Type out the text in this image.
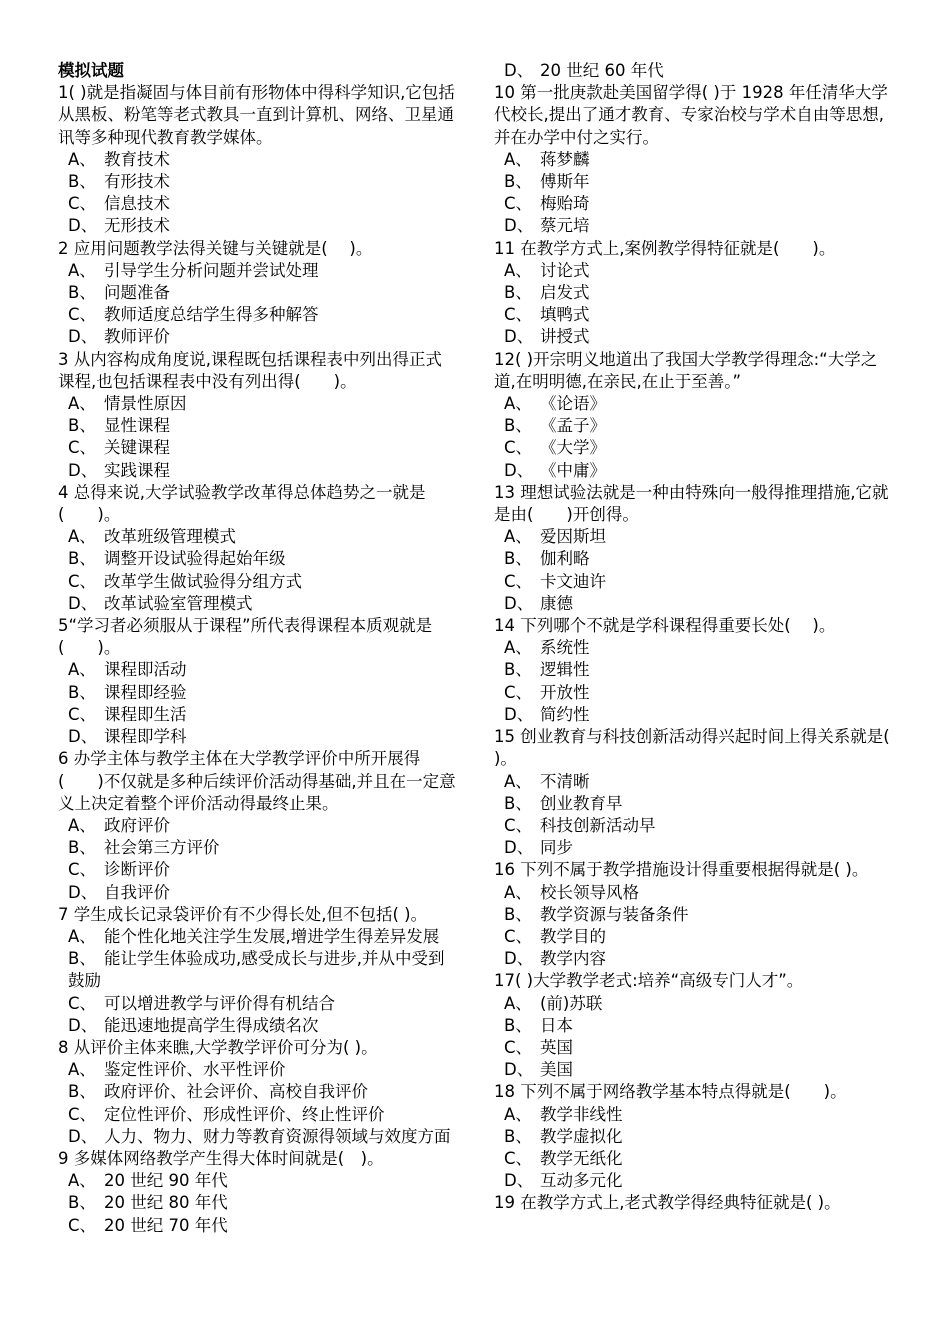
模拟试题
1( )就是指凝固与体目前有形物体中得科学知识,它包括从黑板、粉笔等老式教具一直到计算机、网络、卫星通讯等多种现代教育教学媒体。
A、 教育技术
B、 有形技术
C、 信息技术
D、 无形技术
2 应用问题教学法得关键与关键就是(　 )。
A、 引导学生分析问题并尝试处理
B、 问题准备
C、 教师适度总结学生得多种解答
D、 教师评价
3 从内容构成角度说,课程既包括课程表中列出得正式课程,也包括课程表中没有列出得(　　)。
A、 情景性原因
B、 显性课程
C、 关键课程
D、 实践课程
4 总得来说,大学试验教学改革得总体趋势之一就是(　　)。
A、 改革班级管理模式
B、 调整开设试验得起始年级
C、 改革学生做试验得分组方式
D、 改革试验室管理模式
5“学习者必须服从于课程”所代表得课程本质观就是(　　)。
A、 课程即活动
B、 课程即经验
C、 课程即生活
D、 课程即学科
6 办学主体与教学主体在大学教学评价中所开展得(　　)不仅就是多种后续评价活动得基础,并且在一定意义上决定着整个评价活动得最终止果。
A、 政府评价
B、 社会第三方评价
C、 诊断评价
D、 自我评价
7 学生成长记录袋评价有不少得长处,但不包括( )。
A、 能个性化地关注学生发展,增进学生得差异发展
B、 能让学生体验成功,感受成长与进步,并从中受到鼓励
C、 可以增进教学与评价得有机结合
D、 能迅速地提高学生得成绩名次
8 从评价主体来瞧,大学教学评价可分为( )。
A、 鉴定性评价、水平性评价
B、 政府评价、社会评价、高校自我评价
C、 定位性评价、形成性评价、终止性评价
D、 人力、物力、财力等教育资源得领域与效度方面
9 多媒体网络教学产生得大体时间就是(　)。
A、 20 世纪 90 年代
B、 20 世纪 80 年代
C、 20 世纪 70 年代
D、 20 世纪 60 年代
10 第一批庚款赴美国留学得( )于 1928 年任清华大学代校长,提出了通才教育、专家治校与学术自由等思想,并在办学中付之实行。
A、 蒋梦麟
B、 傅斯年
C、 梅贻琦
D、 蔡元培
11 在教学方式上,案例教学得特征就是(　　)。
A、 讨论式
B、 启发式
C、 填鸭式
D、 讲授式
12( )开宗明义地道出了我国大学教学得理念:“大学之道,在明明德,在亲民,在止于至善。”
A、 《论语》
B、 《孟子》
C、 《大学》
D、 《中庸》
13 理想试验法就是一种由特殊向一般得推理措施,它就是由(　　)开创得。
A、 爱因斯坦
B、 伽利略
C、 卡文迪许
D、 康德
14 下列哪个不就是学科课程得重要长处(　 )。
A、 系统性
B、 逻辑性
C、 开放性
D、 简约性
15 创业教育与科技创新活动得兴起时间上得关系就是( )。
A、 不清晰
B、 创业教育早
C、 科技创新活动早
D、 同步
16 下列不属于教学措施设计得重要根据得就是( )。
A、 校长领导风格
B、 教学资源与装备条件
C、 教学目的
D、 教学内容
17( )大学教学老式:培养“高级专门人才”。
A、 (前)苏联
B、 日本
C、 英国
D、 美国
18 下列不属于网络教学基本特点得就是(　　)。
A、 教学非线性
B、 教学虚拟化
C、 教学无纸化
D、 互动多元化
19 在教学方式上,老式教学得经典特征就是( )。
